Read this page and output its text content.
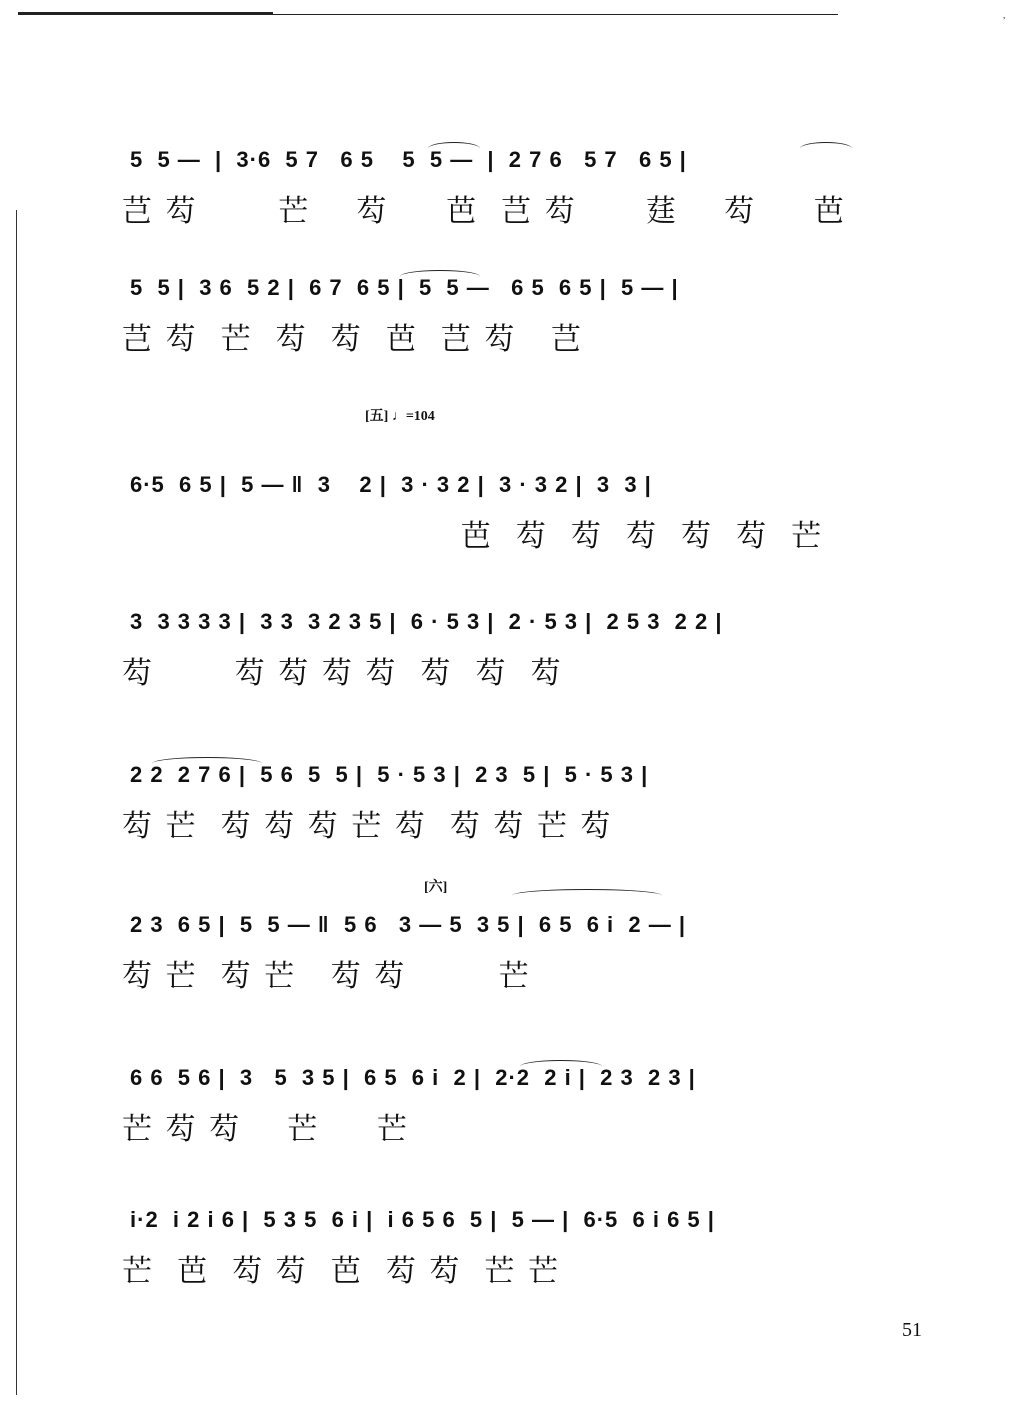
,
5  5 —  |  3·6  5 7   6 5    5  5 —  |  2 7 6   5 7   6 5 |
芑 芶       芒    芶     芭  芑 芶      莛    芶     芭
5  5 |  3 6  5 2 |  6 7  6 5 |  5  5 —   6 5  6 5 |  5 — |
芑 芶  芒  芶  芶  芭  芑 芶   芑
[五] ♩=104
6·5  6 5 |  5 — ‖  3    2 |  3 · 3 2 |  3 · 3 2 |  3  3 |
芭  芶  芶  芶  芶  芶  芒
3  3 3 3 3 |  3 3  3 2 3 5 |  6 · 5 3 |  2 · 5 3 |  2 5 3  2 2 |
芶       芶 芶 芶 芶  芶  芶  芶
2 2  2 7 6 |  5 6  5  5 |  5 · 5 3 |  2 3  5 |  5 · 5 3 |
芶 芒  芶 芶 芶 芒 芶  芶 芶 芒 芶
[六]
2 3  6 5 |  5  5 — ‖  5 6   3 — 5  3 5 |  6 5  6 i  2 — |
芶 芒  芶 芒   芶 芶        芒
6 6  5 6 |  3   5  3 5 |  6 5  6 i  2 |  2·2  2 i |  2 3  2 3 |
芒 芶 芶    芒     芒
i·2  i 2 i 6 |  5 3 5  6 i |  i 6 5 6  5 |  5 — |  6·5  6 i 6 5 |
芒  芭  芶 芶  芭  芶 芶  芒 芒
51
